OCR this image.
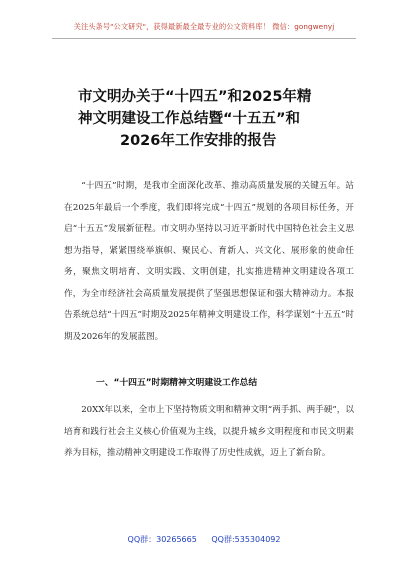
关注头条号"公文研究"，获得最新最全最专业的公文资料库！ 微信：gongwenyj
市文明办关于“十四五”和2025年精
神文明建设工作总结暨“十五五”和
2026年工作安排的报告

“十四五”时期，是我市全面深化改革、推动高质量发展的关键五年。站在2025年最后一个季度，我们即将完成“十四五”规划的各项目标任务，开启“十五五”发展新征程。市文明办坚持以习近平新时代中国特色社会主义思想为指导，紧紧围绕举旗帜、聚民心、育新人、兴文化、展形象的使命任务，聚焦文明培育、文明实践、文明创建，扎实推进精神文明建设各项工作，为全市经济社会高质量发展提供了坚强思想保证和强大精神动力。本报告系统总结“十四五”时期及2025年精神文明建设工作，科学谋划“十五五”时期及2026年的发展蓝图。

一、“十四五”时期精神文明建设工作总结

20XX年以来，全市上下坚持物质文明和精神文明“两手抓、两手硬”，以培育和践行社会主义核心价值观为主线，以提升城乡文明程度和市民文明素养为目标，推动精神文明建设工作取得了历史性成就，迈上了新台阶。

QQ群：30265665 QQ群:535304092
